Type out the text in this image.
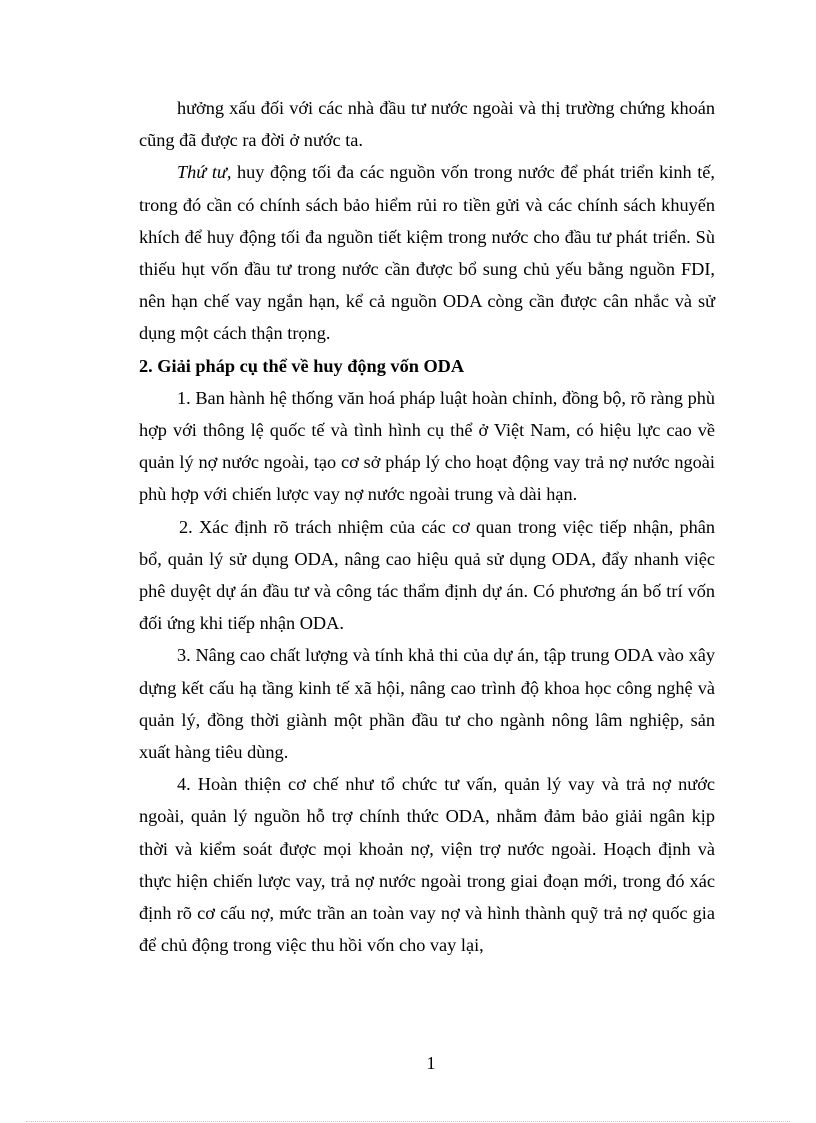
hưởng xấu đối với các nhà đầu tư nước ngoài và thị trường chứng khoán cũng đã được ra đời ở nước ta.

Thứ tư, huy động tối đa các nguồn vốn trong nước để phát triển kinh tế, trong đó cần có chính sách bảo hiểm rủi ro tiền gửi và các chính sách khuyến khích để huy động tối đa nguồn tiết kiệm trong nước cho đầu tư phát triển. Sù thiếu hụt vốn đầu tư trong nước cần được bổ sung chủ yếu bằng nguồn FDI, nên hạn chế vay ngắn hạn, kể cả nguồn ODA còng cần được cân nhắc và sử dụng một cách thận trọng.

2. Giải pháp cụ thể về huy động vốn ODA

1. Ban hành hệ thống văn hoá pháp luật hoàn chỉnh, đồng bộ, rõ ràng phù hợp với thông lệ quốc tế và tình hình cụ thể ở Việt Nam, có hiệu lực cao về quản lý nợ nước ngoài, tạo cơ sở pháp lý cho hoạt động vay trả nợ nước ngoài phù hợp với chiến lược vay nợ nước ngoài trung và dài hạn.

2. Xác định rõ trách nhiệm của các cơ quan trong việc tiếp nhận, phân bổ, quản lý sử dụng ODA, nâng cao hiệu quả sử dụng ODA, đẩy nhanh việc phê duyệt dự án đầu tư và công tác thẩm định dự án. Có phương án bố trí vốn đối ứng khi tiếp nhận ODA.

3. Nâng cao chất lượng và tính khả thi của dự án, tập trung ODA vào xây dựng kết cấu hạ tầng kinh tế xã hội, nâng cao trình độ khoa học công nghệ và quản lý, đồng thời giành một phần đầu tư cho ngành nông lâm nghiệp, sản xuất hàng tiêu dùng.

4. Hoàn thiện cơ chế như tổ chức tư vấn, quản lý vay và trả nợ nước ngoài, quản lý nguồn hỗ trợ chính thức ODA, nhằm đảm bảo giải ngân kịp thời và kiểm soát được mọi khoản nợ, viện trợ nước ngoài. Hoạch định và thực hiện chiến lược vay, trả nợ nước ngoài trong giai đoạn mới, trong đó xác định rõ cơ cấu nợ, mức trần an toàn vay nợ và hình thành quỹ trả nợ quốc gia để chủ động trong việc thu hồi vốn cho vay lại,

1
